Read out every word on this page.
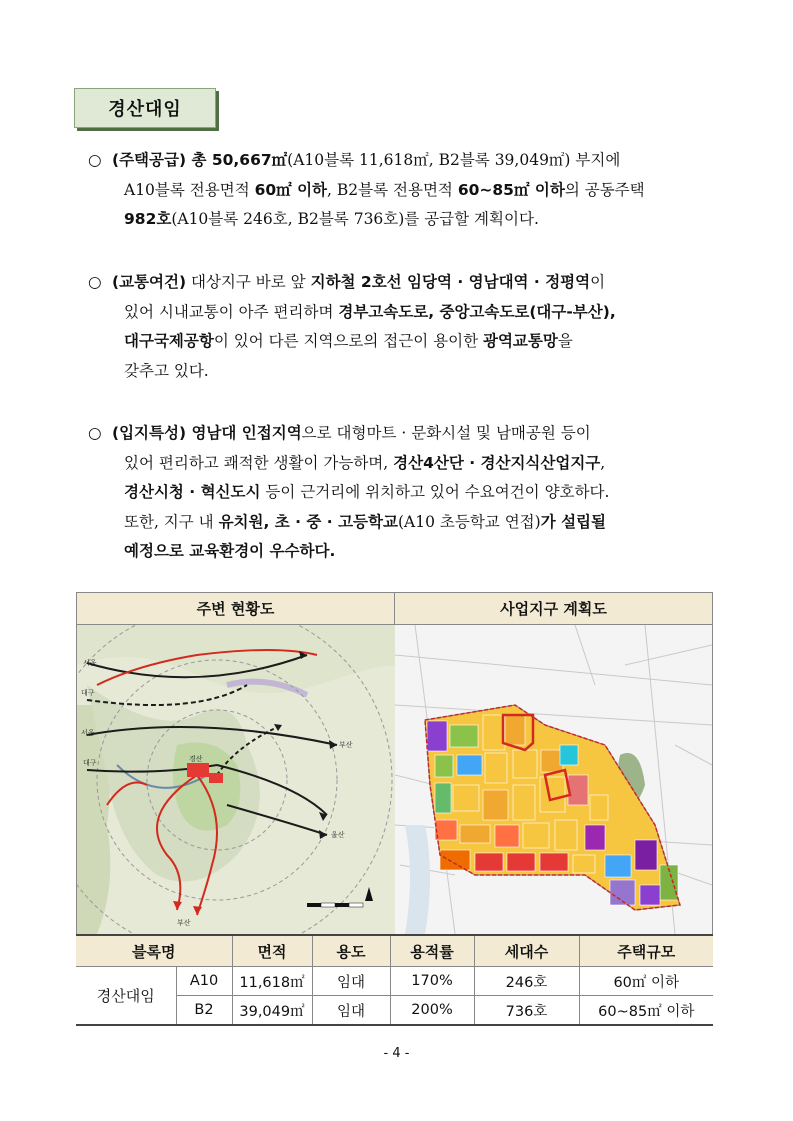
경산대임
○ (주택공급) 총 50,667㎡(A10블록 11,618㎡, B2블록 39,049㎡) 부지에
A10블록 전용면적 60㎡ 이하, B2블록 전용면적 60~85㎡ 이하의 공동주택
982호(A10블록 246호, B2블록 736호)를 공급할 계획이다.
○ (교통여건) 대상지구 바로 앞 지하철 2호선 임당역 · 영남대역 · 정평역이
있어 시내교통이 아주 편리하며 경부고속도로, 중앙고속도로(대구-부산),
대구국제공항이 있어 다른 지역으로의 접근이 용이한 광역교통망을
갖추고 있다.
○ (입지특성) 영남대 인접지역으로 대형마트 · 문화시설 및 남매공원 등이
있어 편리하고 쾌적한 생활이 가능하며, 경산4산단 · 경산지식산업지구,
경산시청 · 혁신도시 등이 근거리에 위치하고 있어 수요여건이 양호하다.
또한, 지구 내 유치원, 초 · 중 · 고등학교(A10 초등학교 연접)가 설립될
예정으로 교육환경이 우수하다.
주변 현황도	사업지구 계획도
서울
대구
서울
대구
부산
울산
부산
경산
블록명		면적	용도	용적률	세대수	주택규모
경산대임	A10	11,618㎡	임대	170%	246호	60㎡ 이하
	B2	39,049㎡	임대	200%	736호	60~85㎡ 이하
- 4 -
